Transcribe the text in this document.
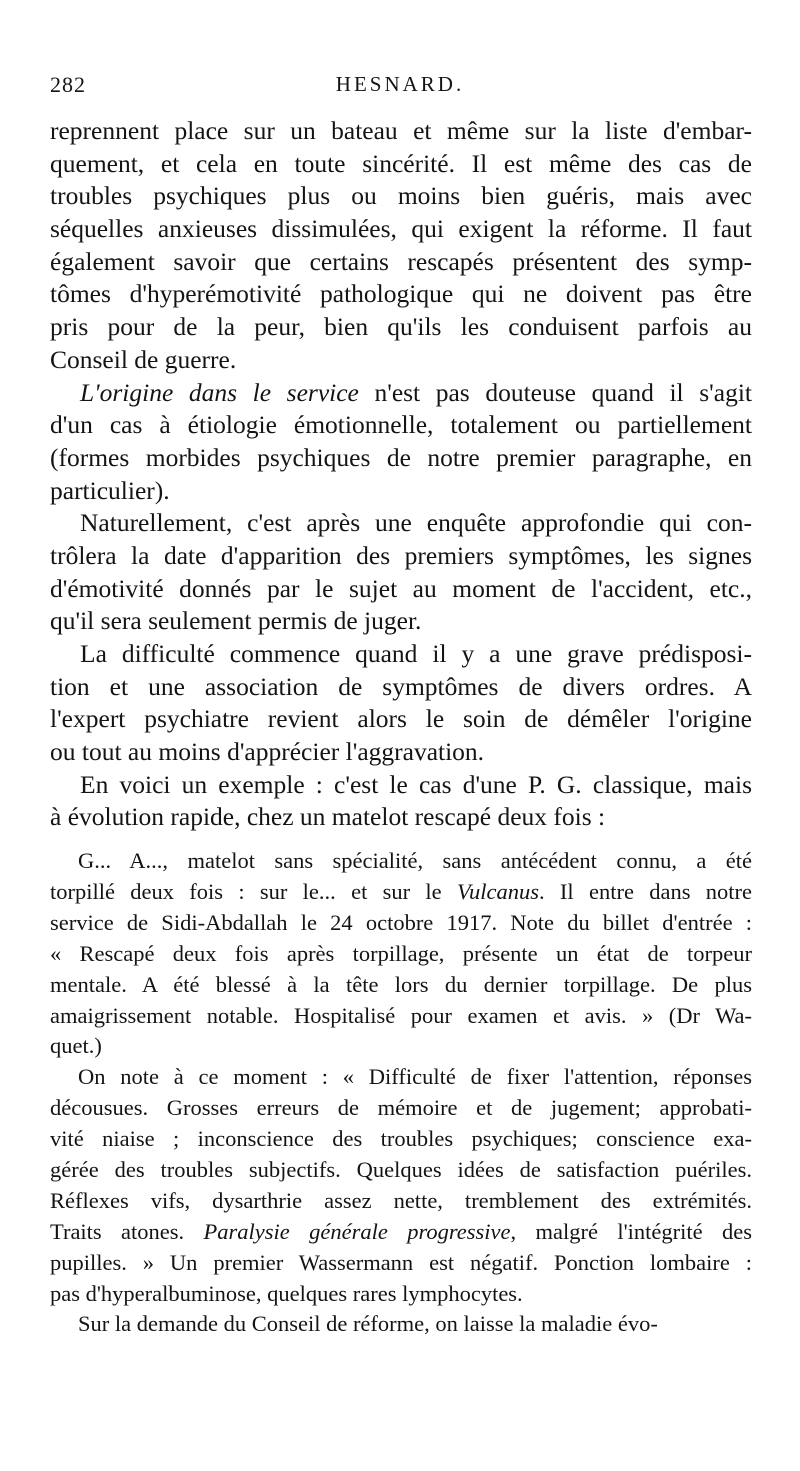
282	HESNARD.
reprennent place sur un bateau et même sur la liste d'embar-
quement, et cela en toute sincérité. Il est même des cas de
troubles psychiques plus ou moins bien guéris, mais avec
séquelles anxieuses dissimulées, qui exigent la réforme. Il faut
également savoir que certains rescapés présentent des symp-
tômes d'hyperémotivité pathologique qui ne doivent pas être
pris pour de la peur, bien qu'ils les conduisent parfois au
Conseil de guerre.
L'origine dans le service n'est pas douteuse quand il s'agit
d'un cas à étiologie émotionnelle, totalement ou partiellement
(formes morbides psychiques de notre premier paragraphe, en
particulier).
Naturellement, c'est après une enquête approfondie qui con-
trôlera la date d'apparition des premiers symptômes, les signes
d'émotivité donnés par le sujet au moment de l'accident, etc.,
qu'il sera seulement permis de juger.
La difficulté commence quand il y a une grave prédisposi-
tion et une association de symptômes de divers ordres. A
l'expert psychiatre revient alors le soin de démêler l'origine
ou tout au moins d'apprécier l'aggravation.
En voici un exemple : c'est le cas d'une P. G. classique, mais
à évolution rapide, chez un matelot rescapé deux fois :
G... A..., matelot sans spécialité, sans antécédent connu, a été
torpillé deux fois : sur le... et sur le Vulcanus. Il entre dans notre
service de Sidi-Abdallah le 24 octobre 1917. Note du billet d'entrée :
« Rescapé deux fois après torpillage, présente un état de torpeur
mentale. A été blessé à la tête lors du dernier torpillage. De plus
amaigrissement notable. Hospitalisé pour examen et avis. » (Dr Wa-
quet.)
On note à ce moment : « Difficulté de fixer l'attention, réponses
décousues. Grosses erreurs de mémoire et de jugement; approbati-
vité niaise ; inconscience des troubles psychiques; conscience exa-
gérée des troubles subjectifs. Quelques idées de satisfaction puériles.
Réflexes vifs, dysarthrie assez nette, tremblement des extrémités.
Traits atones. Paralysie générale progressive, malgré l'intégrité des
pupilles. » Un premier Wassermann est négatif. Ponction lombaire :
pas d'hyperalbuminose, quelques rares lymphocytes.
Sur la demande du Conseil de réforme, on laisse la maladie évo-
